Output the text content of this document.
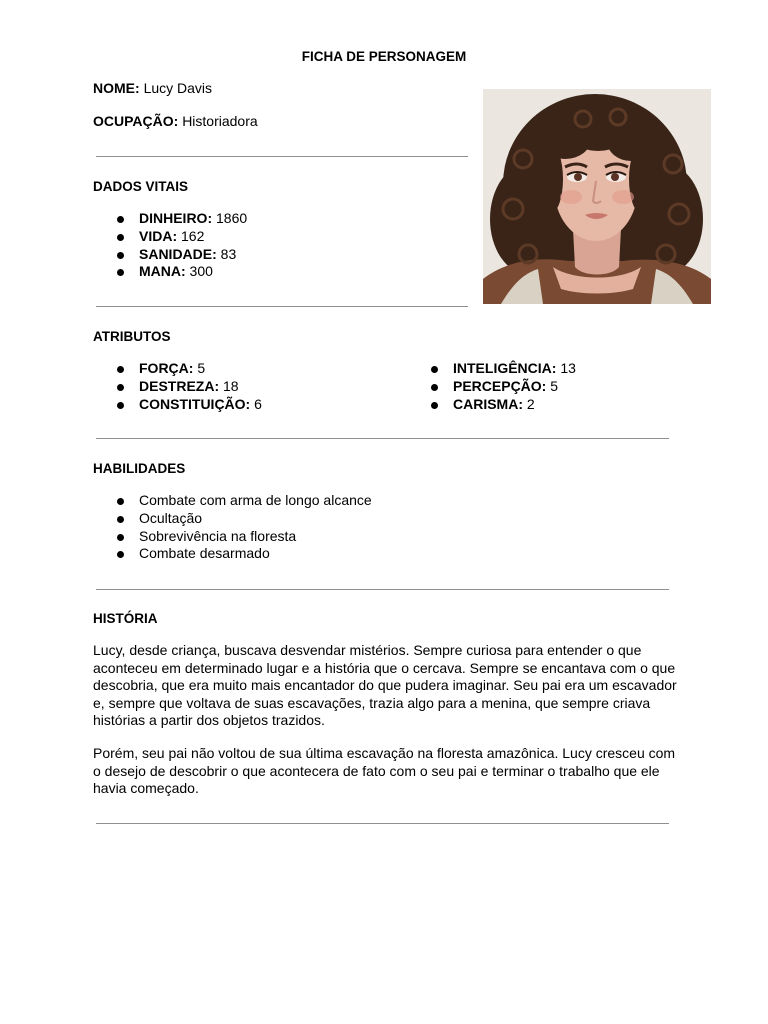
FICHA DE PERSONAGEM
NOME: Lucy Davis
OCUPAÇÃO: Historiadora
DADOS VITAIS
DINHEIRO: 1860
VIDA: 162
SANIDADE: 83
MANA: 300
ATRIBUTOS
FORÇA: 5
DESTREZA: 18
CONSTITUIÇÃO: 6
INTELIGÊNCIA: 13
PERCEPÇÃO: 5
CARISMA: 2
HABILIDADES
Combate com arma de longo alcance
Ocultação
Sobrevivência na floresta
Combate desarmado
HISTÓRIA
Lucy, desde criança, buscava desvendar mistérios. Sempre curiosa para entender o que aconteceu em determinado lugar e a história que o cercava. Sempre se encantava com o que descobria, que era muito mais encantador do que pudera imaginar. Seu pai era um escavador e, sempre que voltava de suas escavações, trazia algo para a menina, que sempre criava histórias a partir dos objetos trazidos.
Porém, seu pai não voltou de sua última escavação na floresta amazônica. Lucy cresceu com o desejo de descobrir o que acontecera de fato com o seu pai e terminar o trabalho que ele havia começado.
